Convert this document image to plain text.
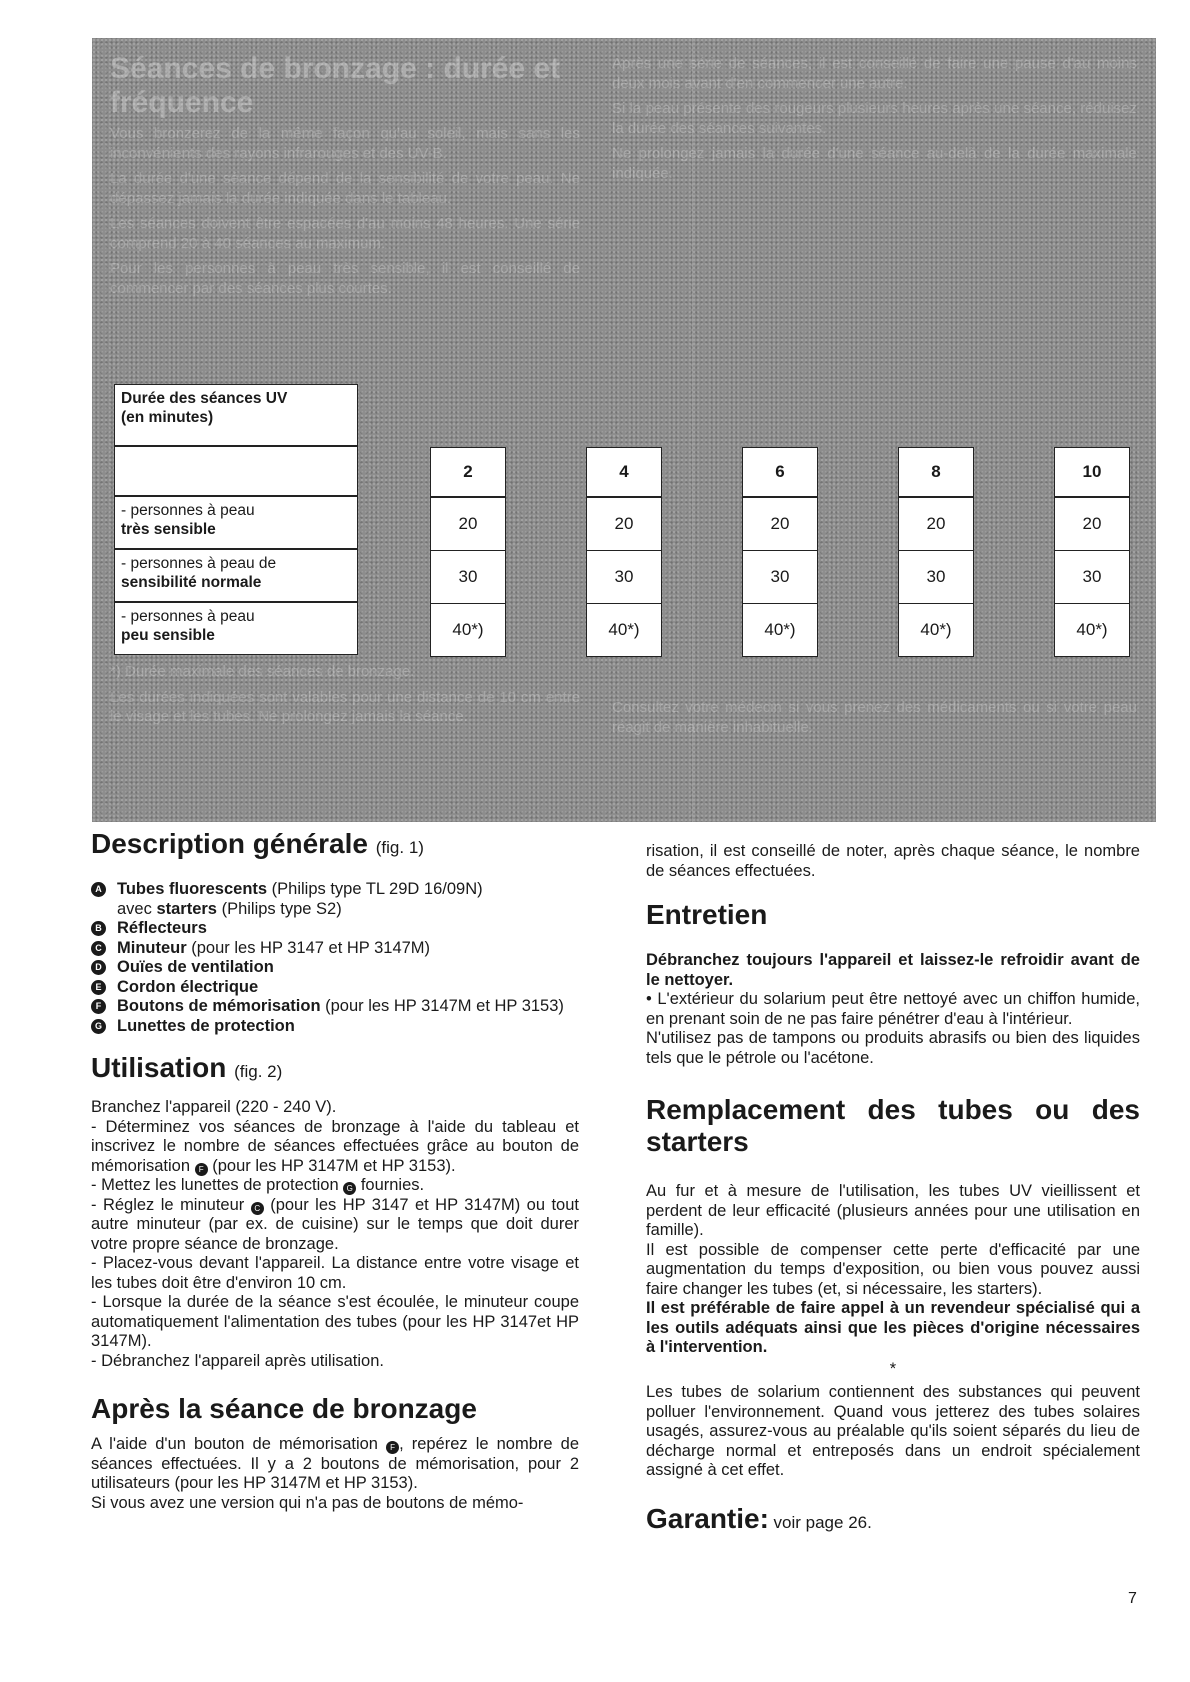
Séances de bronzage : durée et fréquence

Vous bronzerez de la même façon qu'au soleil, mais sans les inconvénients des rayons infrarouges et des UV-B.

La durée d'une séance dépend de la sensibilité de votre peau. Ne dépassez jamais la durée indiquée dans le tableau.

Les séances doivent être espacées d'au moins 48 heures. Une série comprend 20 à 40 séances au maximum.

Pour les personnes à peau très sensible, il est conseillé de commencer par des séances plus courtes.

Après une série de séances, il est conseillé de faire une pause d'au moins deux mois avant d'en commencer une autre.

Si la peau présente des rougeurs plusieurs heures après une séance, réduisez la durée des séances suivantes.

Ne prolongez jamais la durée d'une séance au-delà de la durée maximale indiquée.

*) Durée maximale des séances de bronzage.

Les durées indiquées sont valables pour une distance de 10 cm entre le visage et les tubes. Ne prolongez jamais la séance.

Consultez votre médecin si vous prenez des médicaments ou si votre peau réagit de manière inhabituelle.

Durée des séances UV
(en minutes)
- personnes à peau
très sensible
- personnes à peau de
sensibilité normale
- personnes à peau
peu sensible
2
20
30
40*)
4
20
30
40*)
6
20
30
40*)
8
20
30
40*)
10
20
30
40*)
Description générale (fig. 1)
A Tubes fluorescents (Philips type TL 29D 16/09N)
avec starters (Philips type S2)
B Réflecteurs
C Minuteur (pour les HP 3147 et HP 3147M)
D Ouïes de ventilation
E Cordon électrique
F Boutons de mémorisation (pour les HP 3147M et HP 3153)
G Lunettes de protection
Utilisation (fig. 2)

Branchez l'appareil (220 - 240 V).

- Déterminez vos séances de bronzage à l'aide du tableau et inscrivez le nombre de séances effectuées grâce au bouton de mémorisation F (pour les HP 3147M et HP 3153).

- Mettez les lunettes de protection G fournies.

- Réglez le minuteur C (pour les HP 3147 et HP 3147M) ou tout autre minuteur (par ex. de cuisine) sur le temps que doit durer votre propre séance de bronzage.

- Placez-vous devant l'appareil. La distance entre votre visage et les tubes doit être d'environ 10 cm.

- Lorsque la durée de la séance s'est écoulée, le minuteur coupe automatiquement l'alimentation des tubes (pour les HP 3147et HP 3147M).

- Débranchez l'appareil après utilisation.

Après la séance de bronzage

A l'aide d'un bouton de mémorisation F , repérez le nombre de séances effectuées. Il y a 2 boutons de mémorisation, pour 2 utilisateurs (pour les HP 3147M et HP 3153).

Si vous avez une version qui n'a pas de boutons de mémo-

risation, il est conseillé de noter, après chaque séance, le nombre de séances effectuées.

Entretien

Débranchez toujours l'appareil et laissez-le refroidir avant de le nettoyer.

• L'extérieur du solarium peut être nettoyé avec un chiffon humide, en prenant soin de ne pas faire pénétrer d'eau à l'intérieur.

N'utilisez pas de tampons ou produits abrasifs ou bien des liquides tels que le pétrole ou l'acétone.

Remplacement des tubes ou des starters

Au fur et à mesure de l'utilisation, les tubes UV vieillissent et perdent de leur efficacité (plusieurs années pour une utilisation en famille).

Il est possible de compenser cette perte d'efficacité par une augmentation du temps d'exposition, ou bien vous pouvez aussi faire changer les tubes (et, si nécessaire, les starters).

Il est préférable de faire appel à un revendeur spécialisé qui a les outils adéquats ainsi que les pièces d'origine nécessaires à l'intervention.

*

Les tubes de solarium contiennent des substances qui peuvent polluer l'environnement. Quand vous jetterez des tubes solaires usagés, assurez-vous au préalable qu'ils soient séparés du lieu de décharge normal et entreposés dans un endroit spécialement assigné à cet effet.

Garantie: voir page 26.
7
